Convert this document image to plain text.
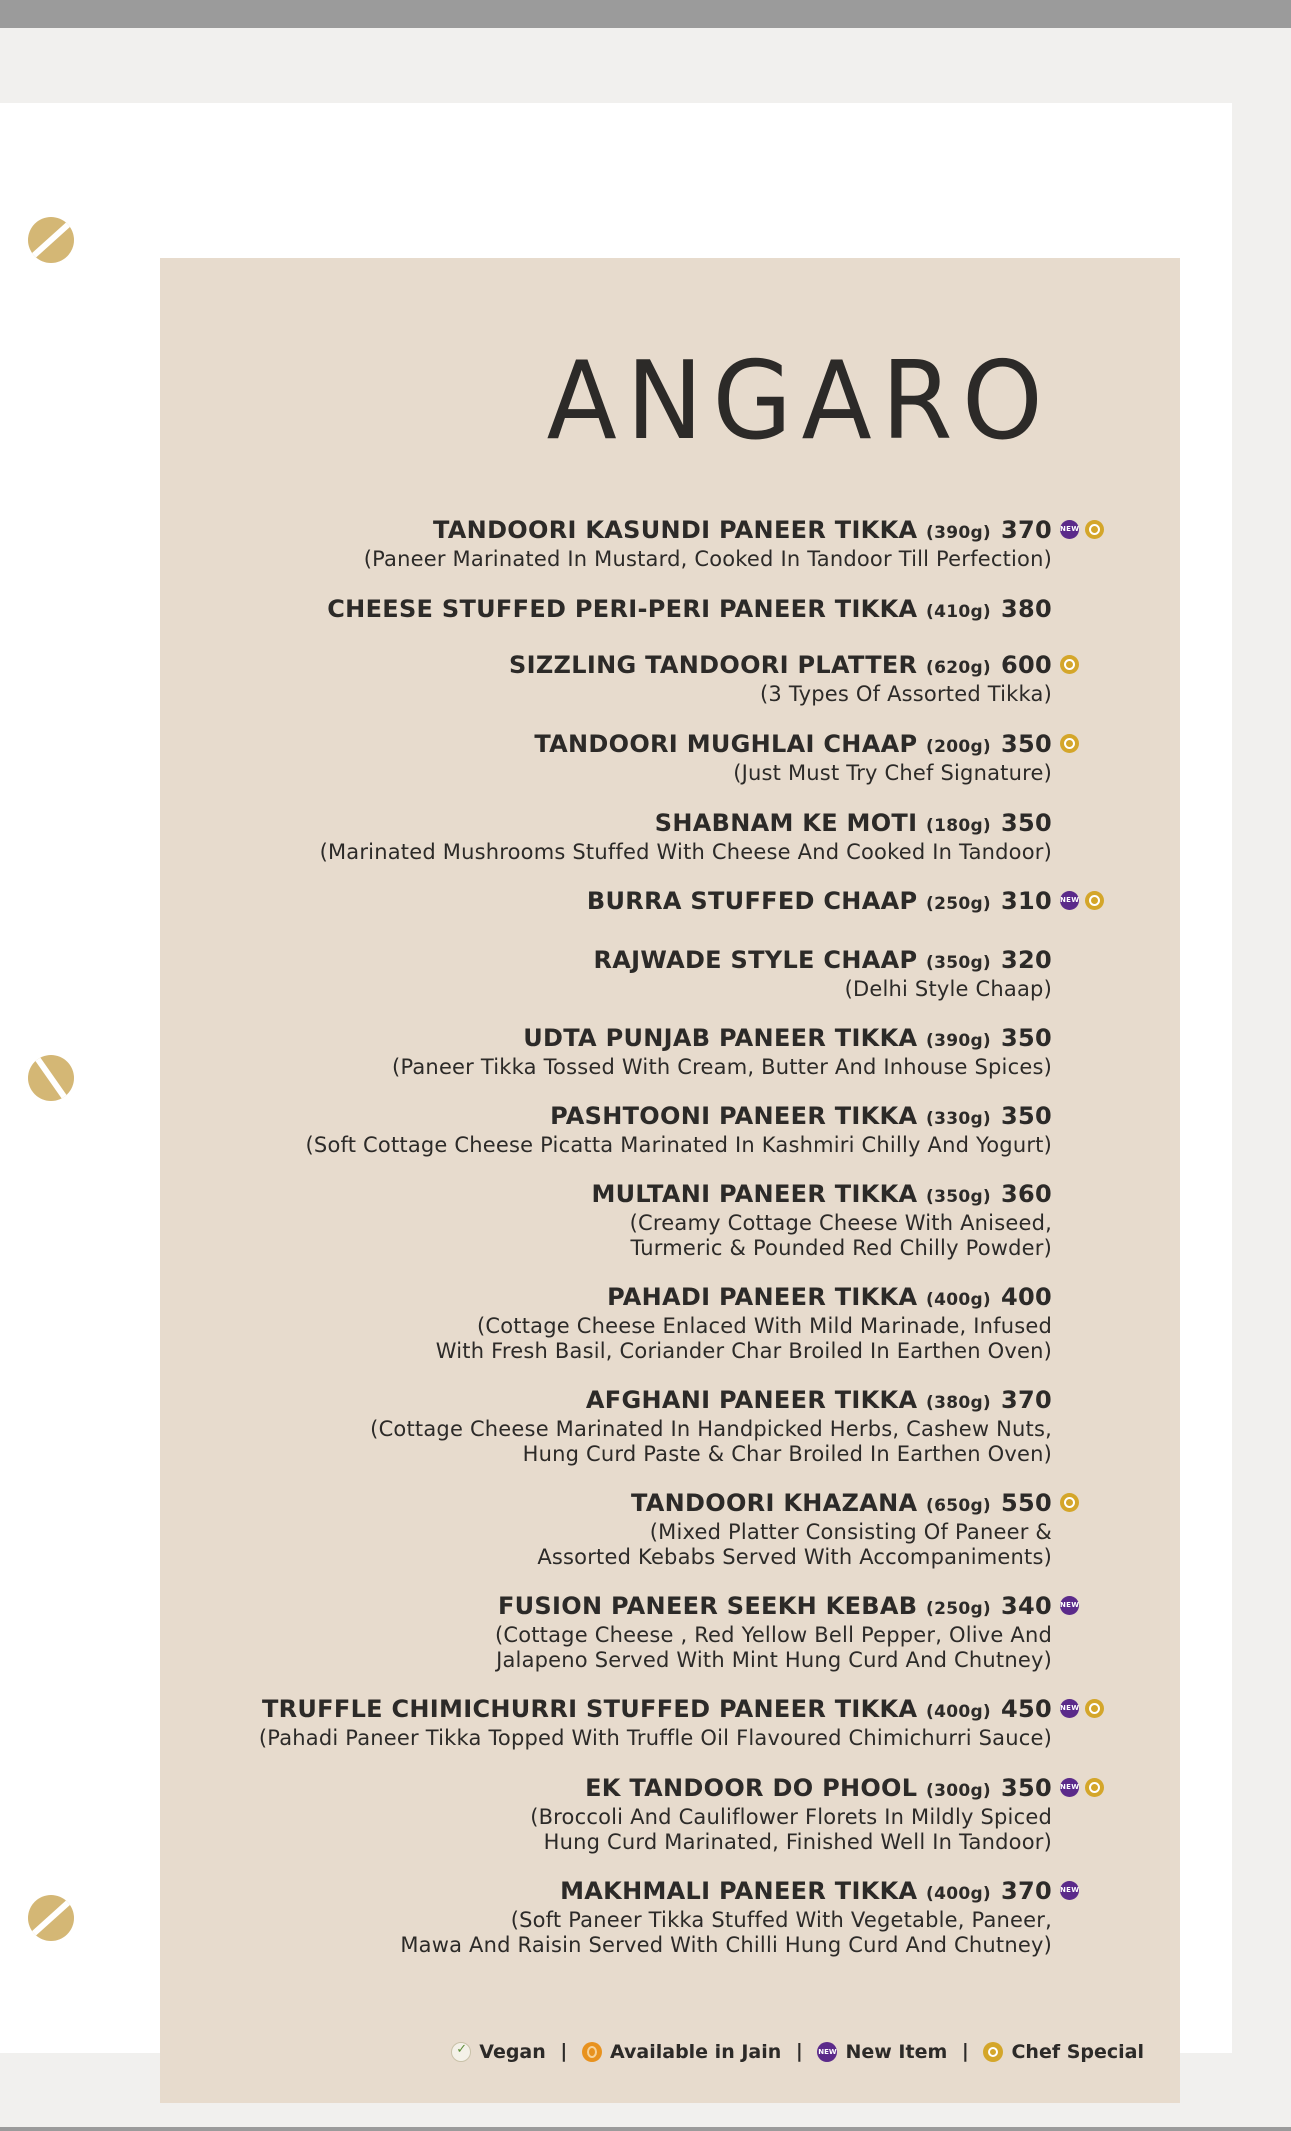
ANGARO
TANDOORI KASUNDI PANEER TIKKA (390g) 370 NEW
(Paneer Marinated In Mustard, Cooked In Tandoor Till Perfection)
CHEESE STUFFED PERI-PERI PANEER TIKKA (410g) 380
SIZZLING TANDOORI PLATTER (620g) 600
(3 Types Of Assorted Tikka)
TANDOORI MUGHLAI CHAAP (200g) 350
(Just Must Try Chef Signature)
SHABNAM KE MOTI (180g) 350
(Marinated Mushrooms Stuffed With Cheese And Cooked In Tandoor)
BURRA STUFFED CHAAP (250g) 310 NEW
RAJWADE STYLE CHAAP (350g) 320
(Delhi Style Chaap)
UDTA PUNJAB PANEER TIKKA (390g) 350
(Paneer Tikka Tossed With Cream, Butter And Inhouse Spices)
PASHTOONI PANEER TIKKA (330g) 350
(Soft Cottage Cheese Picatta Marinated In Kashmiri Chilly And Yogurt)
MULTANI PANEER TIKKA (350g) 360
(Creamy Cottage Cheese With Aniseed,
Turmeric & Pounded Red Chilly Powder)
PAHADI PANEER TIKKA (400g) 400
(Cottage Cheese Enlaced With Mild Marinade, Infused
With Fresh Basil, Coriander Char Broiled In Earthen Oven)
AFGHANI PANEER TIKKA (380g) 370
(Cottage Cheese Marinated In Handpicked Herbs, Cashew Nuts,
Hung Curd Paste & Char Broiled In Earthen Oven)
TANDOORI KHAZANA (650g) 550
(Mixed Platter Consisting Of Paneer &
Assorted Kebabs Served With Accompaniments)
FUSION PANEER SEEKH KEBAB (250g) 340 NEW
(Cottage Cheese , Red Yellow Bell Pepper, Olive And
Jalapeno Served With Mint Hung Curd And Chutney)
TRUFFLE CHIMICHURRI STUFFED PANEER TIKKA (400g) 450 NEW
(Pahadi Paneer Tikka Topped With Truffle Oil Flavoured Chimichurri Sauce)
EK TANDOOR DO PHOOL (300g) 350 NEW
(Broccoli And Cauliflower Florets In Mildly Spiced
Hung Curd Marinated, Finished Well In Tandoor)
MAKHMALI PANEER TIKKA (400g) 370 NEW
(Soft Paneer Tikka Stuffed With Vegetable, Paneer,
Mawa And Raisin Served With Chilli Hung Curd And Chutney)
✓Vegan | Available in Jain | NEW New Item | Chef Special
